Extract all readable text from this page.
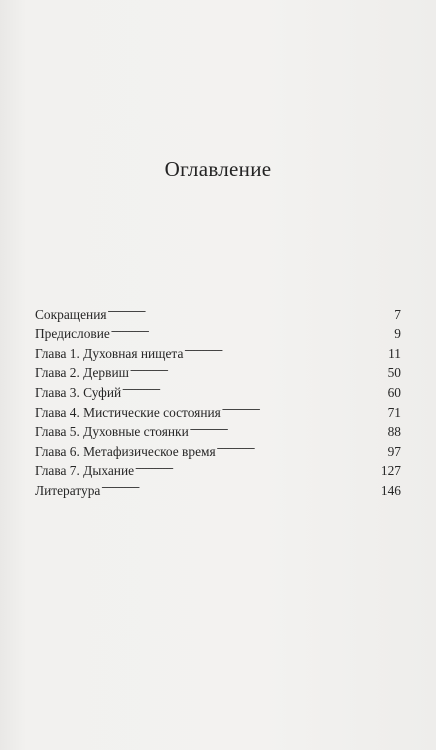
Оглавление
Сокращения . . .	7
Предисловие . . .	9
Глава 1. Духовная нищета . . .	11
Глава 2. Дервиш . . .	50
Глава 3. Суфий . . .	60
Глава 4. Мистические состояния . . .	71
Глава 5. Духовные стоянки . . .	88
Глава 6. Метафизическое время . . .	97
Глава 7. Дыхание . . .	127
Литература . . .	146
